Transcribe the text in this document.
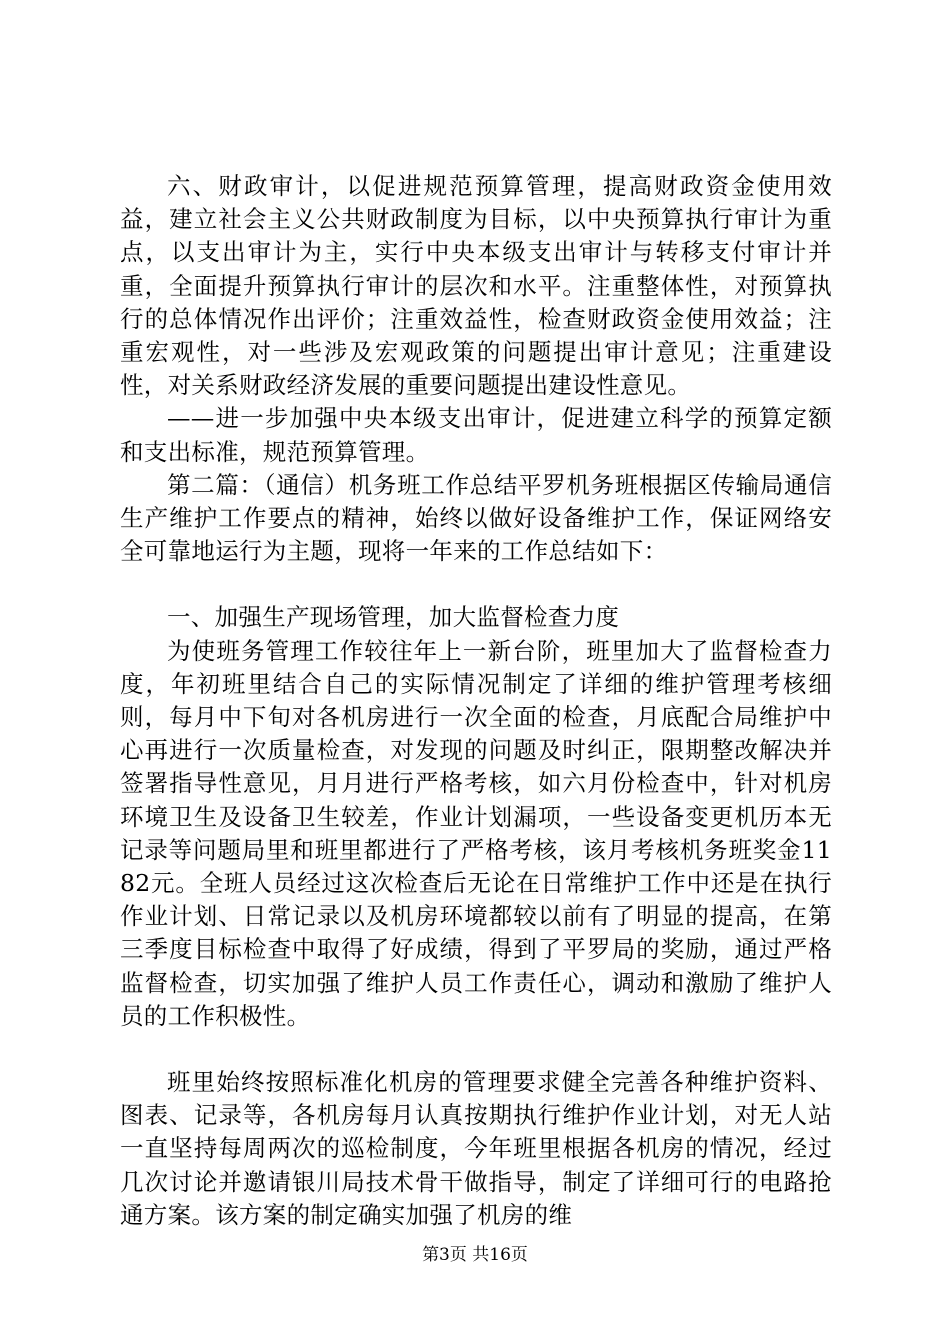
六、财政审计，以促进规范预算管理，提高财政资金使用效益，建立社会主义公共财政制度为目标，以中央预算执行审计为重点，以支出审计为主，实行中央本级支出审计与转移支付审计并重，全面提升预算执行审计的层次和水平。注重整体性，对预算执行的总体情况作出评价；注重效益性，检查财政资金使用效益；注重宏观性，对一些涉及宏观政策的问题提出审计意见；注重建设性，对关系财政经济发展的重要问题提出建设性意见。

——进一步加强中央本级支出审计，促进建立科学的预算定额和支出标准，规范预算管理。

第二篇：（通信）机务班工作总结平罗机务班根据区传输局通信生产维护工作要点的精神，始终以做好设备维护工作，保证网络安全可靠地运行为主题，现将一年来的工作总结如下：

一、加强生产现场管理，加大监督检查力度

为使班务管理工作较往年上一新台阶，班里加大了监督检查力度，年初班里结合自己的实际情况制定了详细的维护管理考核细则，每月中下旬对各机房进行一次全面的检查，月底配合局维护中心再进行一次质量检查，对发现的问题及时纠正，限期整改解决并签署指导性意见，月月进行严格考核，如六月份检查中，针对机房环境卫生及设备卫生较差，作业计划漏项，一些设备变更机历本无记录等问题局里和班里都进行了严格考核，该月考核机务班奖金1182元。全班人员经过这次检查后无论在日常维护工作中还是在执行作业计划、日常记录以及机房环境都较以前有了明显的提高，在第三季度目标检查中取得了好成绩，得到了平罗局的奖励，通过严格监督检查，切实加强了维护人员工作责任心，调动和激励了维护人员的工作积极性。

班里始终按照标准化机房的管理要求健全完善各种维护资料、图表、记录等，各机房每月认真按期执行维护作业计划，对无人站一直坚持每周两次的巡检制度，今年班里根据各机房的情况，经过几次讨论并邀请银川局技术骨干做指导，制定了详细可行的电路抢通方案。该方案的制定确实加强了机房的维

第3页 共16页
